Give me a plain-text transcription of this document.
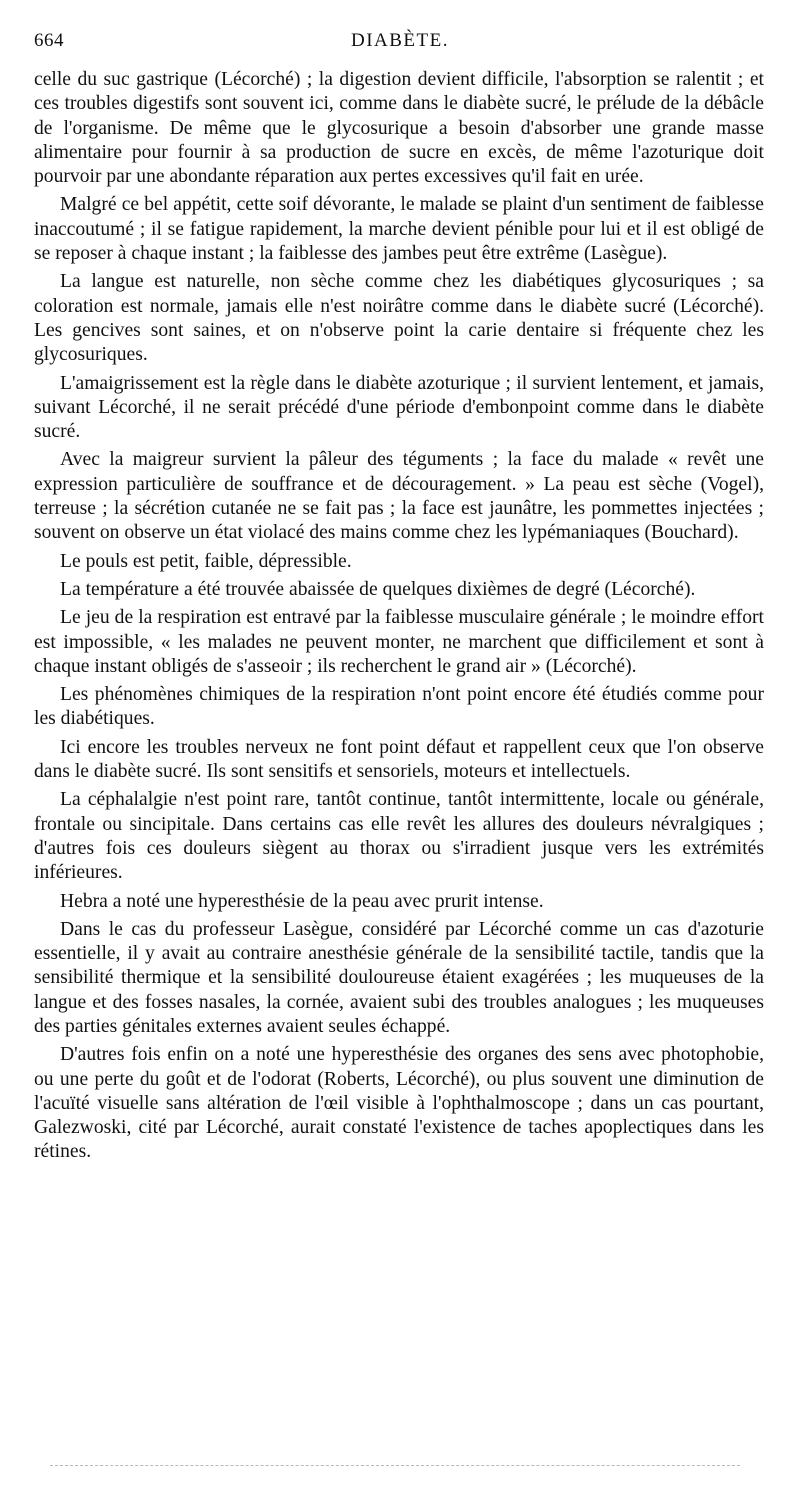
664	DIABÈTE.

celle du suc gastrique (Lécorché) ; la digestion devient difficile, l'absorption se ralentit ; et ces troubles digestifs sont souvent ici, comme dans le diabète sucré, le prélude de la débâcle de l'organisme. De même que le glycosurique a besoin d'absorber une grande masse alimentaire pour fournir à sa production de sucre en excès, de même l'azoturique doit pourvoir par une abondante réparation aux pertes excessives qu'il fait en urée.

Malgré ce bel appétit, cette soif dévorante, le malade se plaint d'un sentiment de faiblesse inaccoutumé ; il se fatigue rapidement, la marche devient pénible pour lui et il est obligé de se reposer à chaque instant ; la faiblesse des jambes peut être extrême (Lasègue).

La langue est naturelle, non sèche comme chez les diabétiques glycosuriques ; sa coloration est normale, jamais elle n'est noirâtre comme dans le diabète sucré (Lécorché). Les gencives sont saines, et on n'observe point la carie dentaire si fréquente chez les glycosuriques.

L'amaigrissement est la règle dans le diabète azoturique ; il survient lentement, et jamais, suivant Lécorché, il ne serait précédé d'une période d'embonpoint comme dans le diabète sucré.

Avec la maigreur survient la pâleur des téguments ; la face du malade « revêt une expression particulière de souffrance et de découragement. » La peau est sèche (Vogel), terreuse ; la sécrétion cutanée ne se fait pas ; la face est jaunâtre, les pommettes injectées ; souvent on observe un état violacé des mains comme chez les lypémaniaques (Bouchard).

Le pouls est petit, faible, dépressible.

La température a été trouvée abaissée de quelques dixièmes de degré (Lécorché).

Le jeu de la respiration est entravé par la faiblesse musculaire générale ; le moindre effort est impossible, « les malades ne peuvent monter, ne marchent que difficilement et sont à chaque instant obligés de s'asseoir ; ils recherchent le grand air » (Lécorché).

Les phénomènes chimiques de la respiration n'ont point encore été étudiés comme pour les diabétiques.

Ici encore les troubles nerveux ne font point défaut et rappellent ceux que l'on observe dans le diabète sucré. Ils sont sensitifs et sensoriels, moteurs et intellectuels.

La céphalalgie n'est point rare, tantôt continue, tantôt intermittente, locale ou générale, frontale ou sincipitale. Dans certains cas elle revêt les allures des douleurs névralgiques ; d'autres fois ces douleurs siègent au thorax ou s'irradient jusque vers les extrémités inférieures.

Hebra a noté une hyperesthésie de la peau avec prurit intense.

Dans le cas du professeur Lasègue, considéré par Lécorché comme un cas d'azoturie essentielle, il y avait au contraire anesthésie générale de la sensibilité tactile, tandis que la sensibilité thermique et la sensibilité douloureuse étaient exagérées ; les muqueuses de la langue et des fosses nasales, la cornée, avaient subi des troubles analogues ; les muqueuses des parties génitales externes avaient seules échappé.

D'autres fois enfin on a noté une hyperesthésie des organes des sens avec photophobie, ou une perte du goût et de l'odorat (Roberts, Lécorché), ou plus souvent une diminution de l'acuïté visuelle sans altération de l'œil visible à l'ophthalmoscope ; dans un cas pourtant, Galezwoski, cité par Lécorché, aurait constaté l'existence de taches apoplectiques dans les rétines.
